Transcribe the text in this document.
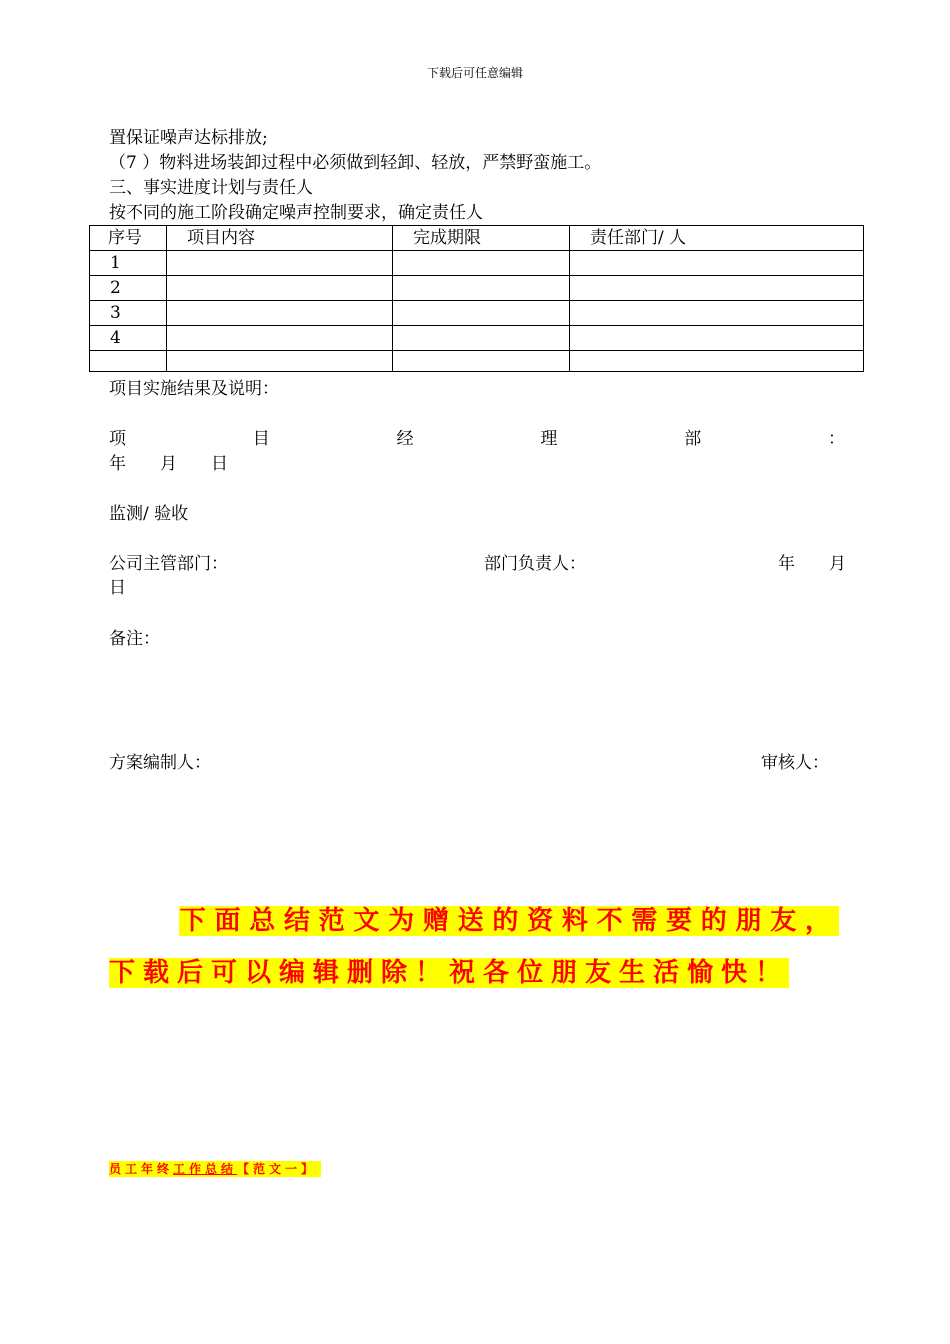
下载后可任意编辑
置保证噪声达标排放;
（7 ）物料进场装卸过程中必须做到轻卸、轻放，严禁野蛮施工。
三、事实进度计划与责任人
按不同的施工阶段确定噪声控制要求，确定责任人
序号	项目内容	完成期限	责任部门/ 人
1			
2			
3			
4			

项目实施结果及说明：
项	目	经	理	部	：
年　　月　　日
监测/ 验收
公司主管部门：	部门负责人：	年　　月
日
备注：
方案编制人：	审核人：
下面总结范文为赠送的资料不需要的朋友，下载后可以编辑删除！祝各位朋友生活愉快！
员工年终工作总结【范文一】
